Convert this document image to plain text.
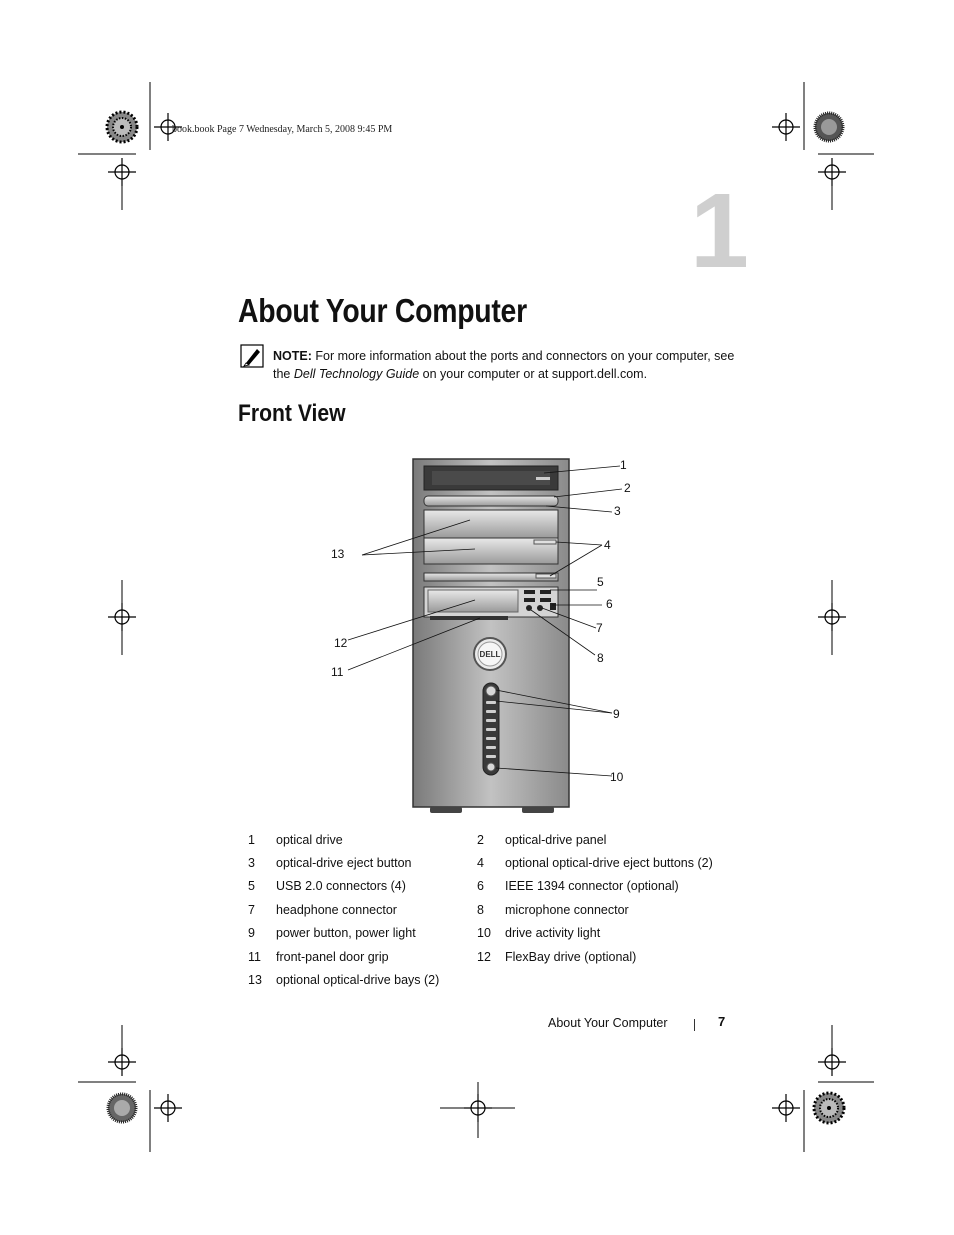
book.book Page 7 Wednesday, March 5, 2008 9:45 PM
1
About Your Computer
NOTE: For more information about the ports and connectors on your computer, see the Dell Technology Guide on your computer or at support.dell.com.
Front View
DELL
1
2
3
4
5
6
7
8
9
10
11
12
13
1	optical drive	2	optical-drive panel
3	optical-drive eject button	4	optional optical-drive eject buttons (2)
5	USB 2.0 connectors (4)	6	IEEE 1394 connector (optional)
7	headphone connector	8	microphone connector
9	power button, power light	10	drive activity light
11	front-panel door grip	12	FlexBay drive (optional)
13	optional optical-drive bays (2)		
About Your Computer	7
